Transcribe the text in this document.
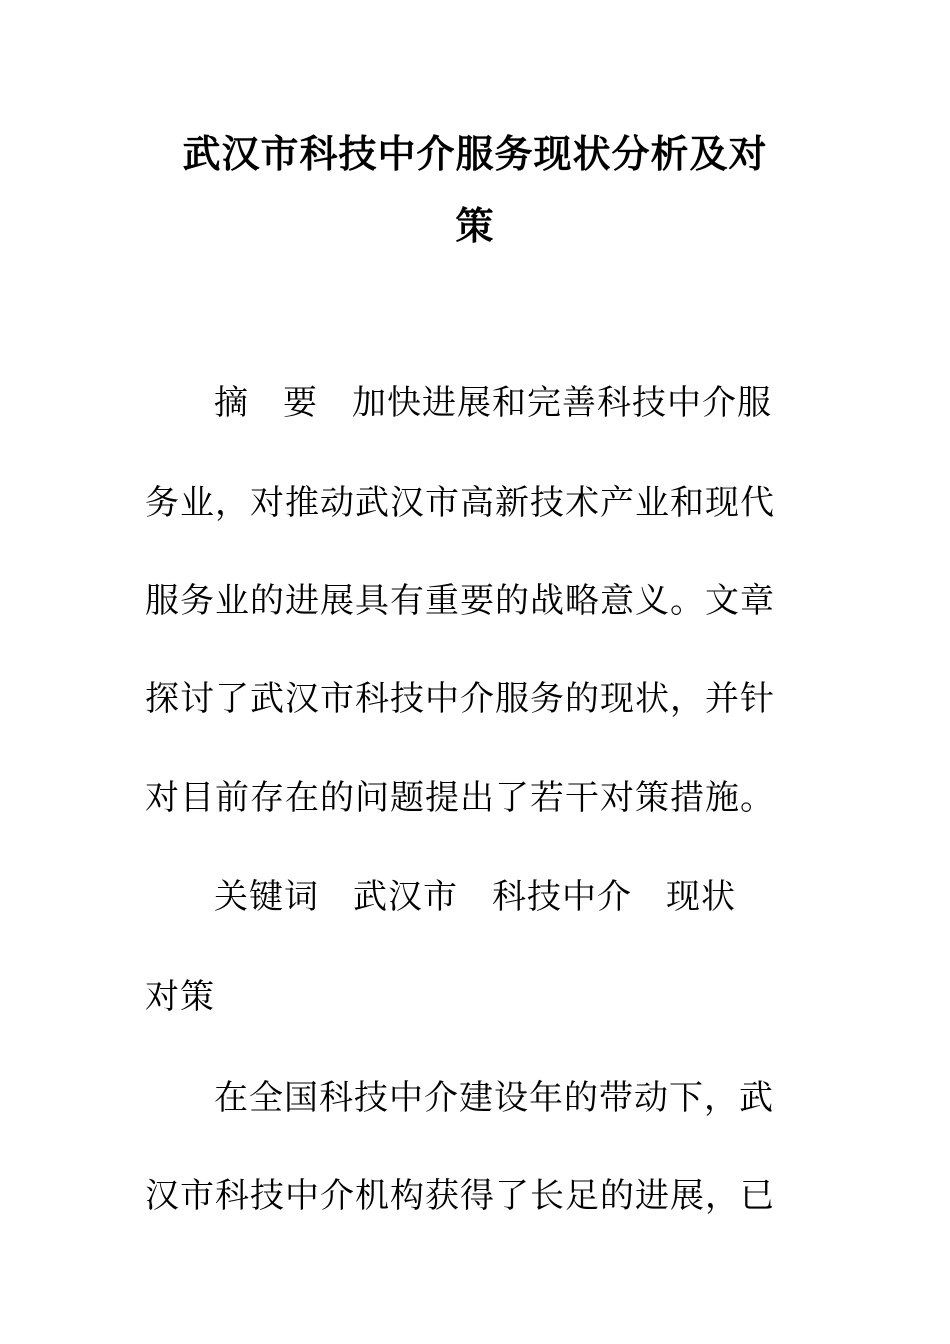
武汉市科技中介服务现状分析及对
策

摘 要 加快进展和完善科技中介服

务业，对推动武汉市高新技术产业和现代

服务业的进展具有重要的战略意义。文章

探讨了武汉市科技中介服务的现状，并针

对目前存在的问题提出了若干对策措施。

关键词 武汉市 科技中介 现状

对策

在全国科技中介建设年的带动下，武

汉市科技中介机构获得了长足的进展，已
